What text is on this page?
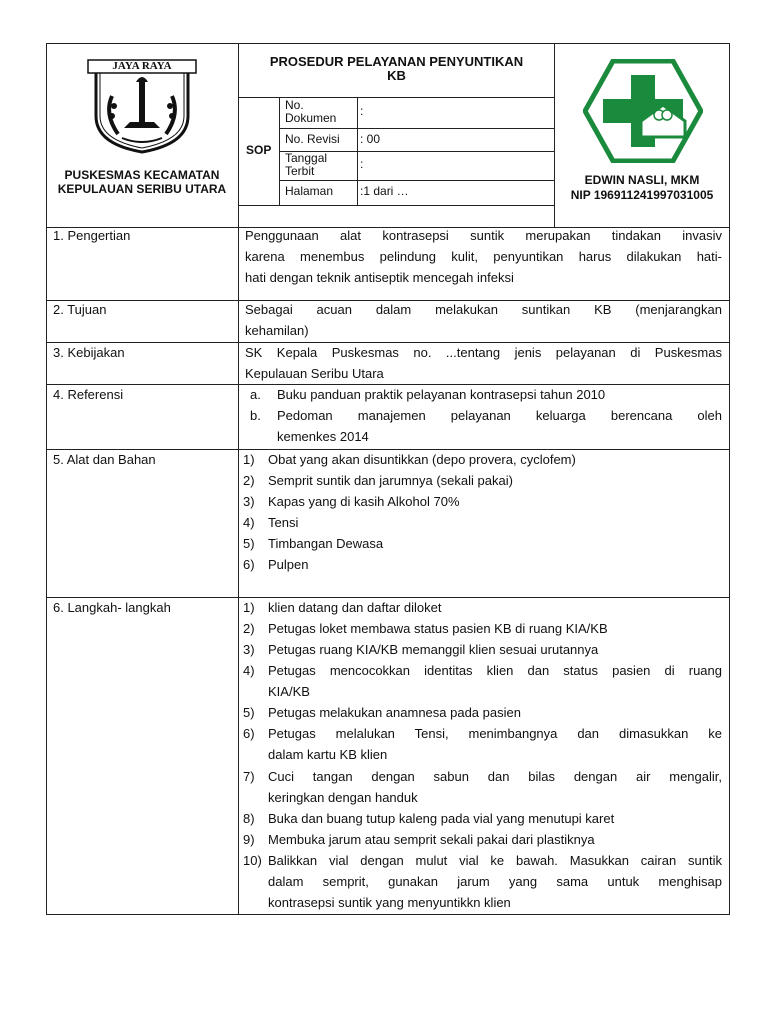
JAYA RAYA
PUSKESMAS KECAMATAN
KEPULAUAN SERIBU UTARA
PROSEDUR PELAYANAN PENYUNTIKAN
KB
SOP
No.
Dokumen :
No. Revisi : 00
Tanggal
Terbit	:
Halaman :1 dari …
EDWIN NASLI, MKM
NIP 196911241997031005
1. Pengertian	Penggunaan alat kontrasepsi suntik merupakan tindakan invasiv
karena menembus pelindung kulit, penyuntikan harus dilakukan hati-
hati dengan teknik antiseptik mencegah infeksi
2. Tujuan	Sebagai acuan dalam melakukan suntikan KB (menjarangkan
kehamilan)
3. Kebijakan	SK Kepala Puskesmas no. ...tentang jenis pelayanan di Puskesmas
Kepulauan Seribu Utara
4. Referensi	a. Buku panduan praktik pelayanan kontrasepsi tahun 2010
b. Pedoman manajemen pelayanan keluarga berencana oleh
kemenkes 2014
5. Alat dan Bahan	1) Obat yang akan disuntikkan (depo provera, cyclofem)
2) Semprit suntik dan jarumnya (sekali pakai)
3) Kapas yang di kasih Alkohol 70%
4) Tensi
5) Timbangan Dewasa
6) Pulpen
6. Langkah- langkah	1) klien datang dan daftar diloket
2) Petugas loket membawa status pasien KB di ruang KIA/KB
3) Petugas ruang KIA/KB memanggil klien sesuai urutannya
4) Petugas mencocokkan identitas klien dan status pasien di ruang
KIA/KB
5) Petugas melakukan anamnesa pada pasien
6) Petugas melalukan Tensi, menimbangnya dan dimasukkan ke
dalam kartu KB klien
7) Cuci tangan dengan sabun dan bilas dengan air mengalir,
keringkan dengan handuk
8) Buka dan buang tutup kaleng pada vial yang menutupi karet
9) Membuka jarum atau semprit sekali pakai dari plastiknya
10) Balikkan vial dengan mulut vial ke bawah. Masukkan cairan suntik
dalam semprit, gunakan jarum yang sama untuk menghisap
kontrasepsi suntik yang menyuntikkn klien
